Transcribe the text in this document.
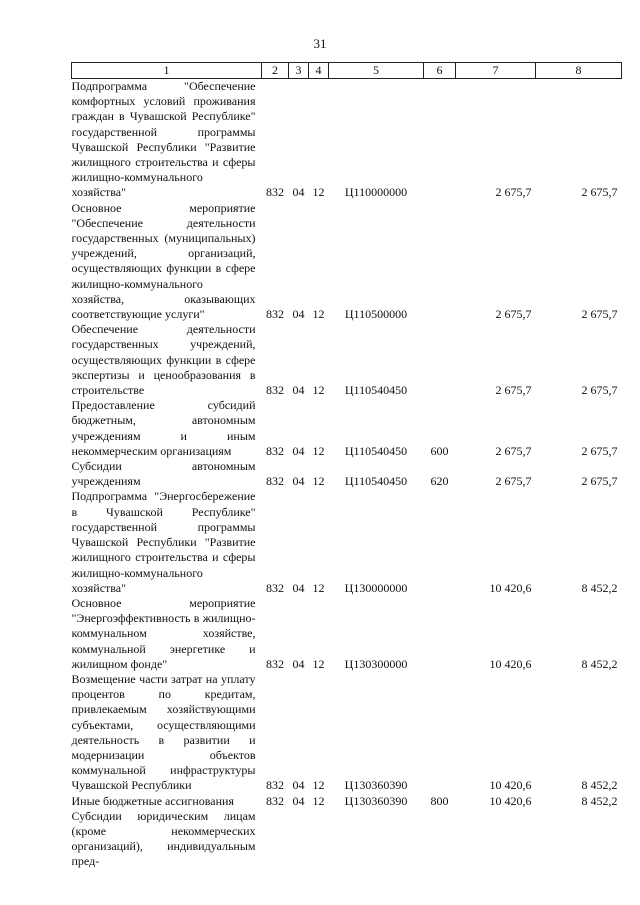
31
1	2	3	4	5	6	7	8
Подпрограмма "Обеспечение комфортных условий проживания граждан в Чувашской Республике" государственной программы Чувашской Республики "Развитие жилищного строительства и сферы жилищно-коммунального хозяйства"	832	04	12	Ц110000000		2 675,7	2 675,7
Основное мероприятие "Обеспечение деятельности государственных (муниципальных) учреждений, организаций, осуществляющих функции в сфере жилищно-коммунального хозяйства, оказывающих соответствующие услуги"	832	04	12	Ц110500000		2 675,7	2 675,7
Обеспечение деятельности государственных учреждений, осуществляющих функции в сфере экспертизы и ценообразования в строительстве	832	04	12	Ц110540450		2 675,7	2 675,7
Предоставление субсидий бюджетным, автономным учреждениям и иным некоммерческим организациям	832	04	12	Ц110540450	600	2 675,7	2 675,7
Субсидии автономным учреждениям	832	04	12	Ц110540450	620	2 675,7	2 675,7
Подпрограмма "Энергосбережение в Чувашской Республике" государственной программы Чувашской Республики "Развитие жилищного строительства и сферы жилищно-коммунального хозяйства"	832	04	12	Ц130000000		10 420,6	8 452,2
Основное мероприятие "Энергоэффективность в жилищно-коммунальном хозяйстве, коммунальной энергетике и жилищном фонде"	832	04	12	Ц130300000		10 420,6	8 452,2
Возмещение части затрат на уплату процентов по кредитам, привлекаемым хозяйствующими субъектами, осуществляющими деятельность в развитии и модернизации объектов коммунальной инфраструктуры Чувашской Республики	832	04	12	Ц130360390		10 420,6	8 452,2
Иные бюджетные ассигнования	832	04	12	Ц130360390	800	10 420,6	8 452,2
Субсидии юридическим лицам (кроме некоммерческих организаций), индивидуальным пред-							
